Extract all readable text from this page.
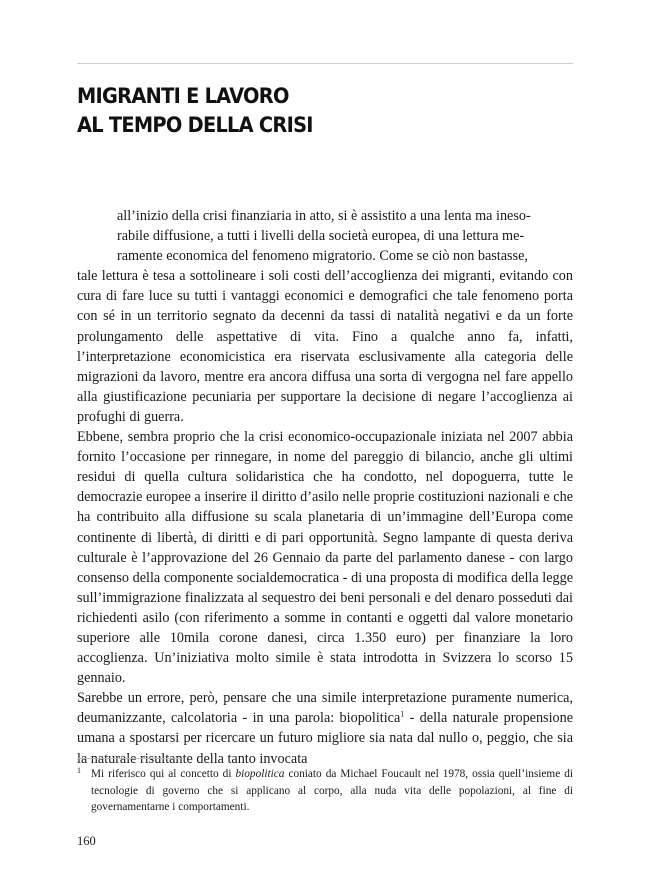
MIGRANTI E LAVORO
AL TEMPO DELLA CRISI

all’inizio della crisi finanziaria in atto, si è assistito a una lenta ma ineso-
rabile diffusione, a tutti i livelli della società europea, di una lettura me-
ramente economica del fenomeno migratorio. Come se ciò non bastasse,
tale lettura è tesa a sottolineare i soli costi dell’accoglienza dei migranti, evitando con cura di fare luce su tutti i vantaggi economici e demografici che tale fenomeno porta con sé in un territorio segnato da decenni da tassi di natalità negativi e da un forte prolungamento delle aspettative di vita. Fino a qualche anno fa, infatti, l’interpretazione economicistica era riservata esclusivamente alla categoria delle migrazioni da lavoro, mentre era ancora diffusa una sorta di vergogna nel fare appello alla giustificazione pecuniaria per supportare la decisione di negare l’accoglienza ai profughi di guerra.

Ebbene, sembra proprio che la crisi economico-occupazionale iniziata nel 2007 abbia fornito l’occasione per rinnegare, in nome del pareggio di bilancio, anche gli ultimi residui di quella cultura solidaristica che ha condotto, nel dopoguerra, tutte le democrazie europee a inserire il diritto d’asilo nelle proprie costituzioni nazionali e che ha contribuito alla diffusione su scala planetaria di un’immagine dell’Europa come continente di libertà, di diritti e di pari opportunità. Segno lampante di questa deriva culturale è l’approvazione del 26 Gennaio da parte del parlamento danese - con largo consenso della componente socialdemocratica - di una proposta di modifica della legge sull’immigrazione finalizzata al sequestro dei beni personali e del denaro posseduti dai richiedenti asilo (con riferimento a somme in contanti e oggetti dal valore monetario superiore alle 10mila corone danesi, circa 1.350 euro) per finanziare la loro accoglienza. Un’iniziativa molto simile è stata introdotta in Svizzera lo scorso 15 gennaio.

Sarebbe un errore, però, pensare che una simile interpretazione puramente numerica, deumanizzante, calcolatoria - in una parola: biopolitica$^1$ - della naturale propensione umana a spostarsi per ricercare un futuro migliore sia nata dal nullo o, peggio, che sia la naturale risultante della tanto invocata

1 Mi riferisco qui al concetto di biopolitica coniato da Michael Foucault nel 1978, ossia quell’insieme di tecnologie di governo che si applicano al corpo, alla nuda vita delle popolazioni, al fine di governamentarne i comportamenti.
160
